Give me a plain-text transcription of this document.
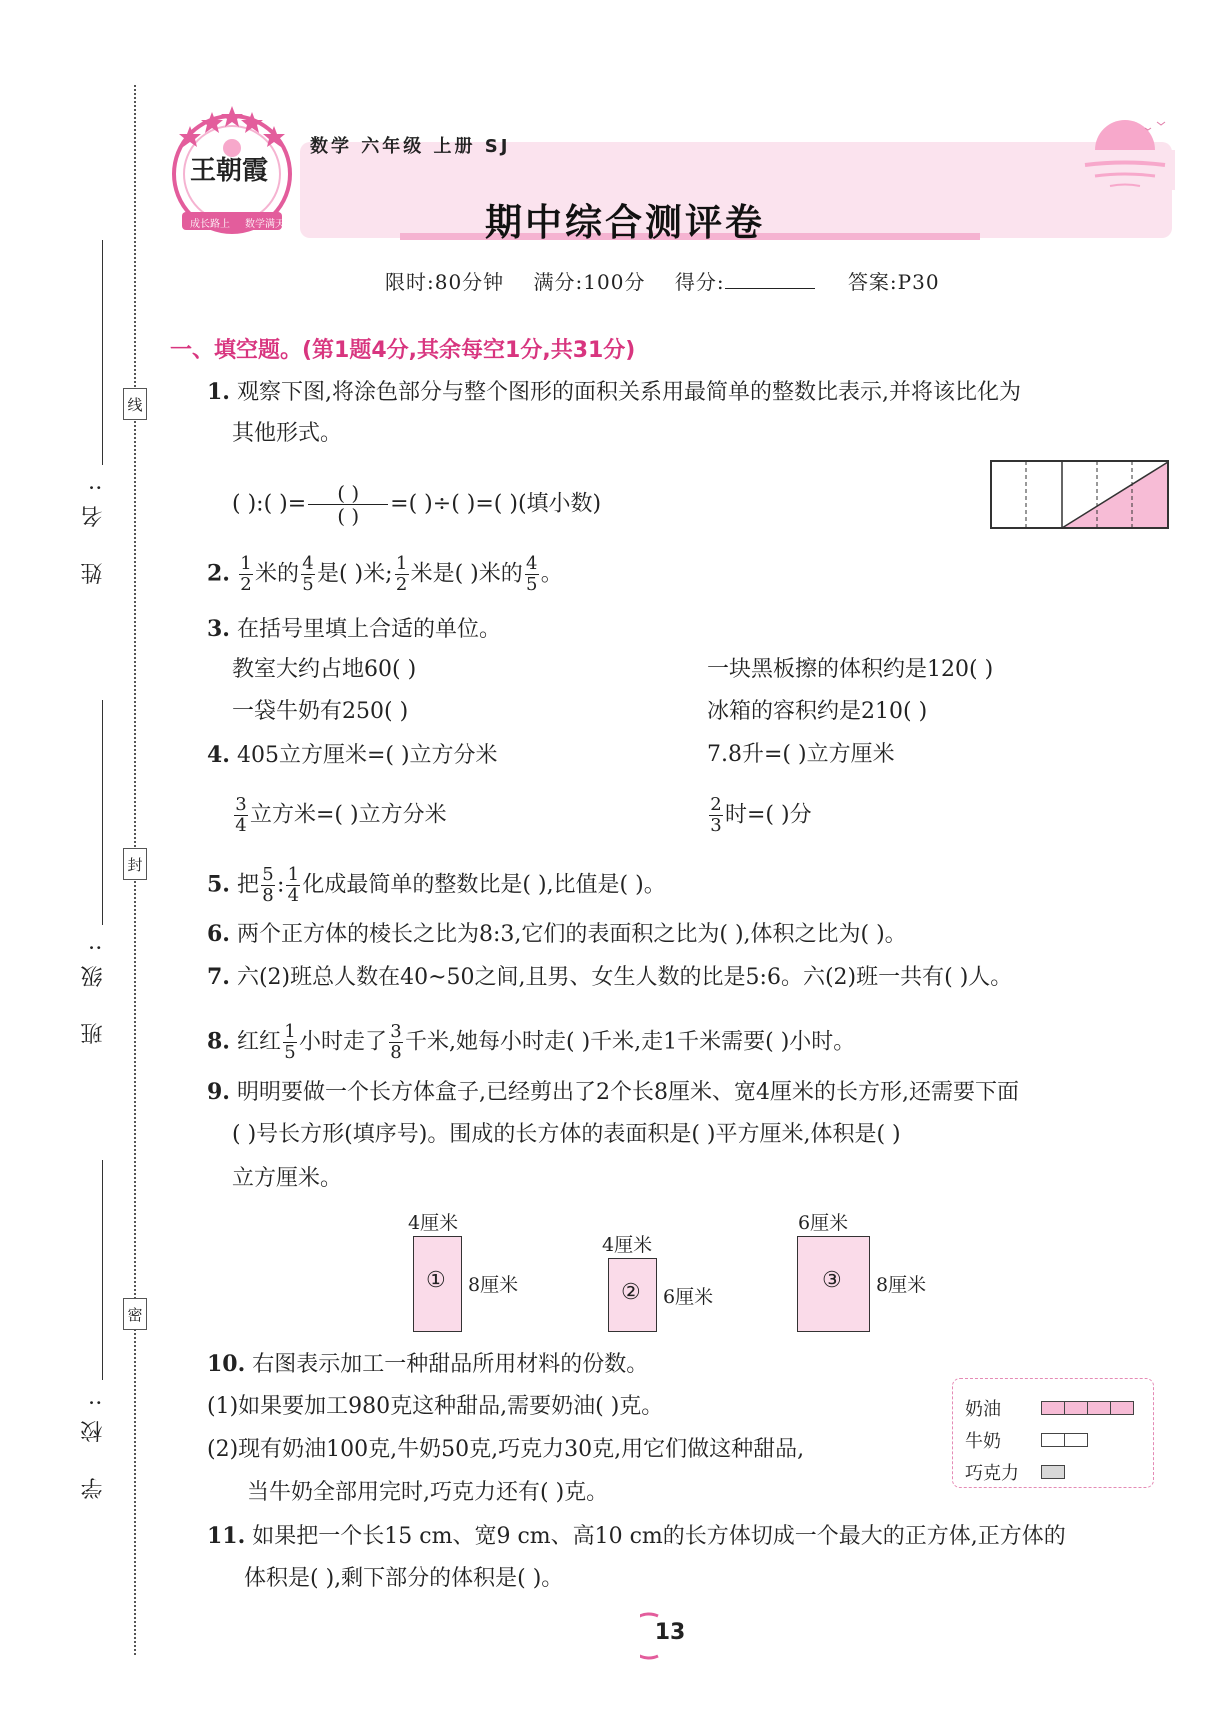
线
封
密
姓 名:
班 级:
学 校:
王朝霞
成长路上 数学满天
数学 六年级 上册 SJ
期中综合测评卷
限时:80分钟 满分:100分 得分:	答案:P30
一、填空题。(第1题4分,其余每空1分,共31分)
1. 观察下图,将涂色部分与整个图形的面积关系用最简单的整数比表示,并将该比化为
其他形式。
( ):( )= $\frac{( )}{( )}$ =( )÷( )=( )(填小数)
2. $\frac{1}{2}$ 米的 $\frac{4}{5}$ 是( )米; $\frac{1}{2}$ 米是( )米的 $\frac{4}{5}$ 。
3. 在括号里填上合适的单位。
教室大约占地60( )	一块黑板擦的体积约是120( )
一袋牛奶有250( )	冰箱的容积约是210( )
4. 405立方厘米=( )立方分米	7.8升=( )立方厘米
$\frac{3}{4}$ 立方米=( )立方分米	$\frac{2}{3}$ 时=( )分
5. 把 $\frac{5}{8}$ : $\frac{1}{4}$ 化成最简单的整数比是( ),比值是( )。
6. 两个正方体的棱长之比为8:3,它们的表面积之比为( ),体积之比为( )。
7. 六(2)班总人数在40~50之间,且男、女生人数的比是5:6。六(2)班一共有( )人。
8. 红红 $\frac{1}{5}$ 小时走了 $\frac{3}{8}$ 千米,她每小时走( )千米,走1千米需要( )小时。
9. 明明要做一个长方体盒子,已经剪出了2个长8厘米、宽4厘米的长方形,还需要下面
( )号长方形(填序号)。围成的长方体的表面积是( )平方厘米,体积是( )
立方厘米。
4厘米
① 8厘米
4厘米
② 6厘米
6厘米
③ 8厘米
10. 右图表示加工一种甜品所用材料的份数。
(1)如果要加工980克这种甜品,需要奶油( )克。
(2)现有奶油100克,牛奶50克,巧克力30克,用它们做这种甜品,
当牛奶全部用完时,巧克力还有( )克。
奶油
牛奶
巧克力
11. 如果把一个长15 cm、宽9 cm、高10 cm的长方体切成一个最大的正方体,正方体的
体积是( ),剩下部分的体积是( )。
13
